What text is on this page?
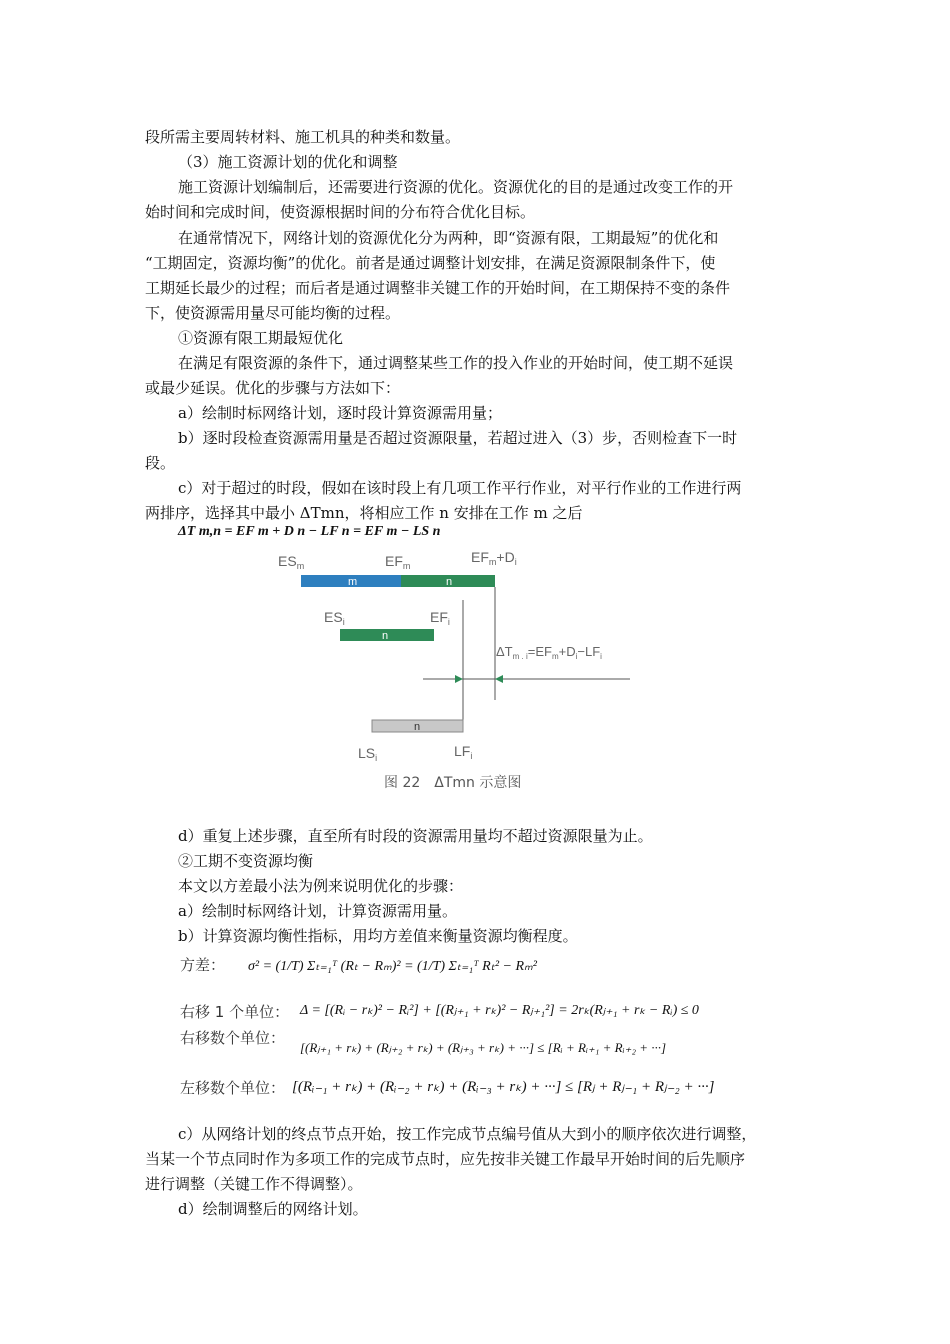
段所需主要周转材料、施工机具的种类和数量。
（3）施工资源计划的优化和调整
施工资源计划编制后，还需要进行资源的优化。资源优化的目的是通过改变工作的开
始时间和完成时间，使资源根据时间的分布符合优化目标。
在通常情况下，网络计划的资源优化分为两种，即“资源有限，工期最短”的优化和
“工期固定，资源均衡”的优化。前者是通过调整计划安排，在满足资源限制条件下，使
工期延长最少的过程；而后者是通过调整非关键工作的开始时间，在工期保持不变的条件
下，使资源需用量尽可能均衡的过程。
①资源有限工期最短优化
在满足有限资源的条件下，通过调整某些工作的投入作业的开始时间，使工期不延误
或最少延误。优化的步骤与方法如下：
a）绘制时标网络计划，逐时段计算资源需用量；
b）逐时段检查资源需用量是否超过资源限量，若超过进入（3）步，否则检查下一时
段。
c）对于超过的时段，假如在该时段上有几项工作平行作业，对平行作业的工作进行两
两排序，选择其中最小 ΔTmn，将相应工作 n 安排在工作 m 之后
ΔT m,n = EF m + D n − LF n = EF m − LS n
$ES_m$	$EF_m$
$EF_m+D_i$
m	n
$ES_i$	$EF_i$
n
$\Delta T_{m . i}=EF_m+D_i-LF_i$
n
$LS_i$	$LF_i$
图 22　ΔTmn 示意图
d）重复上述步骤，直至所有时段的资源需用量均不超过资源限量为止。
②工期不变资源均衡
本文以方差最小法为例来说明优化的步骤：
a）绘制时标网络计划，计算资源需用量。
b）计算资源均衡性指标，用均方差值来衡量资源均衡程度。
方差： σ² = (1/T) Σₜ₌₁ᵀ (Rₜ − Rₘ)² = (1/T) Σₜ₌₁ᵀ Rₜ² − Rₘ²
右移 1 个单位： Δ = [(Rᵢ − rₖ)² − Rᵢ²] + [(Rⱼ₊₁ + rₖ)² − Rⱼ₊₁²] = 2rₖ(Rⱼ₊₁ + rₖ − Rᵢ) ≤ 0
右移数个单位：
[(Rⱼ₊₁ + rₖ) + (Rⱼ₊₂ + rₖ) + (Rⱼ₊₃ + rₖ) + ···] ≤ [Rᵢ + Rᵢ₊₁ + Rᵢ₊₂ + ···]
左移数个单位： [(Rᵢ₋₁ + rₖ) + (Rᵢ₋₂ + rₖ) + (Rᵢ₋₃ + rₖ) + ···] ≤ [Rⱼ + Rⱼ₋₁ + Rⱼ₋₂ + ···]
c）从网络计划的终点节点开始，按工作完成节点编号值从大到小的顺序依次进行调整，
当某一个节点同时作为多项工作的完成节点时，应先按非关键工作最早开始时间的后先顺序
进行调整（关键工作不得调整）。
d）绘制调整后的网络计划。
